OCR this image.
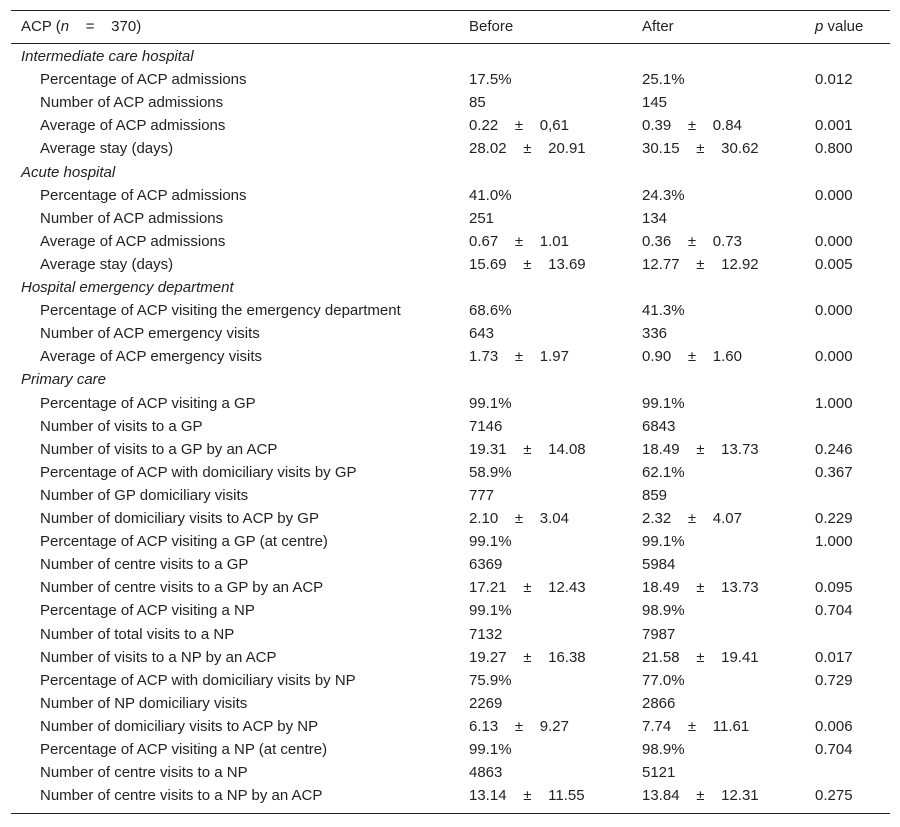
ACP (n    =    370)	Before	After	p value
Intermediate care hospital
Percentage of ACP admissions	17.5%	25.1%	0.012
Number of ACP admissions	85	145
Average of ACP admissions	0.22    ±    0,61	0.39    ±    0.84	0.001
Average stay (days)	28.02    ±    20.91	30.15    ±    30.62	0.800
Acute hospital
Percentage of ACP admissions	41.0%	24.3%	0.000
Number of ACP admissions	251	134
Average of ACP admissions	0.67    ±    1.01	0.36    ±    0.73	0.000
Average stay (days)	15.69    ±    13.69	12.77    ±    12.92	0.005
Hospital emergency department
Percentage of ACP visiting the emergency department	68.6%	41.3%	0.000
Number of ACP emergency visits	643	336
Average of ACP emergency visits	1.73    ±    1.97	0.90    ±    1.60	0.000
Primary care
Percentage of ACP visiting a GP	99.1%	99.1%	1.000
Number of visits to a GP	7146	6843
Number of visits to a GP by an ACP	19.31    ±    14.08	18.49    ±    13.73	0.246
Percentage of ACP with domiciliary visits by GP	58.9%	62.1%	0.367
Number of GP domiciliary visits	777	859
Number of domiciliary visits to ACP by GP	2.10    ±    3.04	2.32    ±    4.07	0.229
Percentage of ACP visiting a GP (at centre)	99.1%	99.1%	1.000
Number of centre visits to a GP	6369	5984
Number of centre visits to a GP by an ACP	17.21    ±    12.43	18.49    ±    13.73	0.095
Percentage of ACP visiting a NP	99.1%	98.9%	0.704
Number of total visits to a NP	7132	7987
Number of visits to a NP by an ACP	19.27    ±    16.38	21.58    ±    19.41	0.017
Percentage of ACP with domiciliary visits by NP	75.9%	77.0%	0.729
Number of NP domiciliary visits	2269	2866
Number of domiciliary visits to ACP by NP	6.13    ±    9.27	7.74    ±    11.61	0.006
Percentage of ACP visiting a NP (at centre)	99.1%	98.9%	0.704
Number of centre visits to a NP	4863	5121
Number of centre visits to a NP by an ACP	13.14    ±    11.55	13.84    ±    12.31	0.275
